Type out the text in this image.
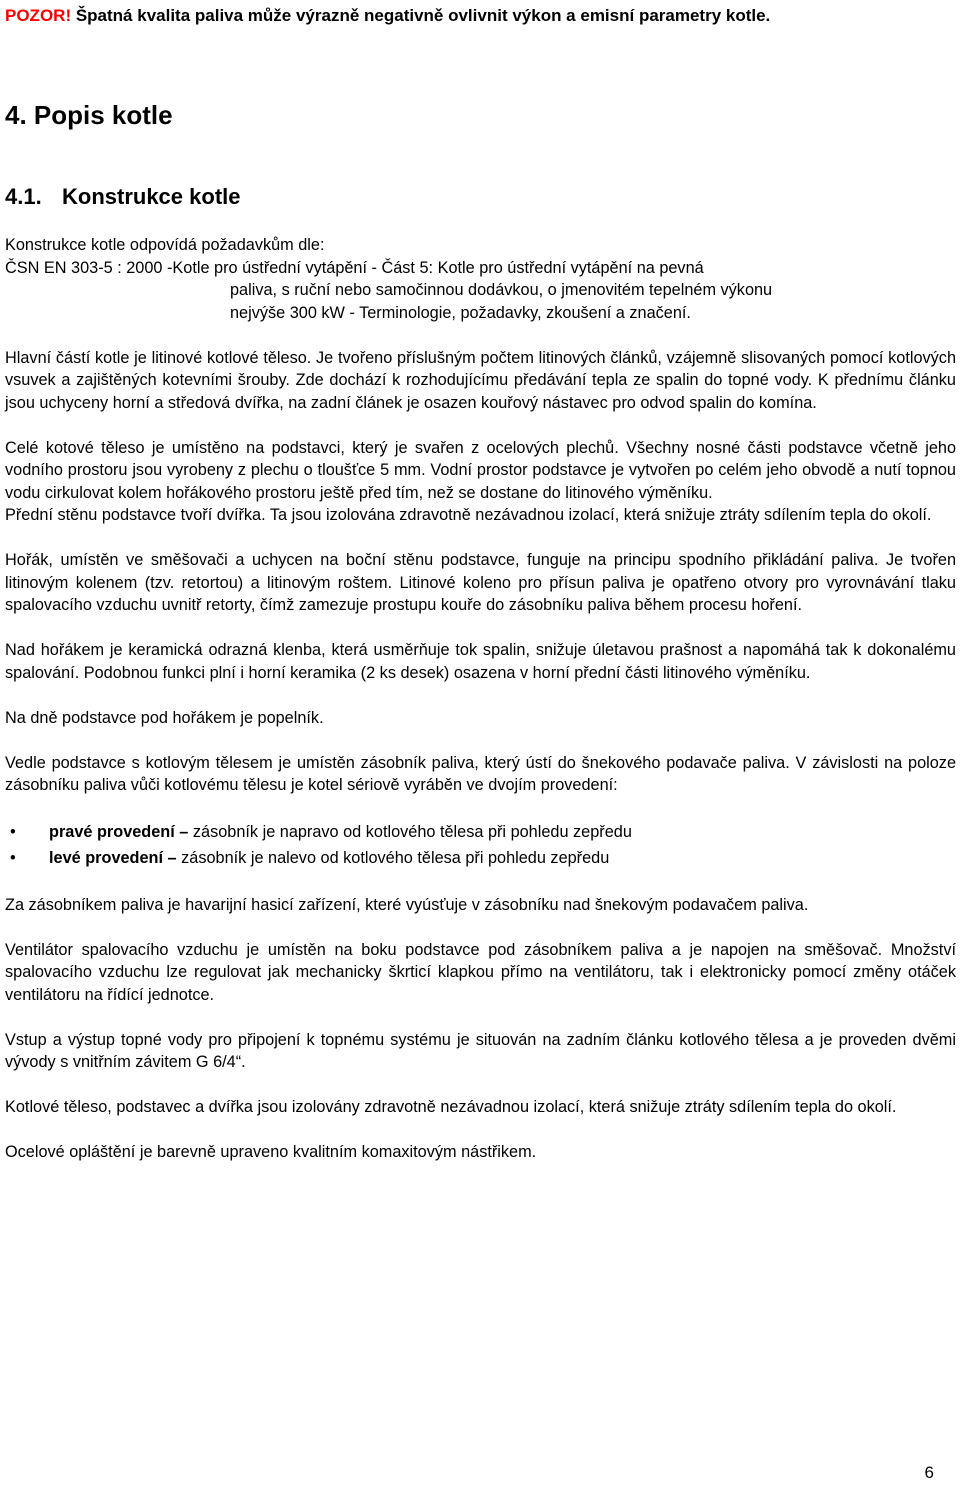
POZOR! Špatná kvalita paliva může výrazně negativně ovlivnit výkon a emisní parametry kotle.
4. Popis kotle
4.1. Konstrukce kotle

Konstrukce kotle odpovídá požadavkům dle:

ČSN EN 303-5 : 2000 - Kotle pro ústřední vytápění - Část 5: Kotle pro ústřední vytápění na pevná
paliva, s ruční nebo samočinnou dodávkou, o jmenovitém tepelném výkonu
nejvýše 300 kW - Terminologie, požadavky, zkoušení a značení.

Hlavní částí kotle je litinové kotlové těleso. Je tvořeno příslušným počtem litinových článků, vzájemně slisovaných pomocí kotlových vsuvek a zajištěných kotevními šrouby. Zde dochází k rozhodujícímu předávání tepla ze spalin do topné vody. K přednímu článku jsou uchyceny horní a středová dvířka, na zadní článek je osazen kouřový nástavec pro odvod spalin do komína.

Celé kotové těleso je umístěno na podstavci, který je svařen z ocelových plechů. Všechny nosné části podstavce včetně jeho vodního prostoru jsou vyrobeny z plechu o tloušťce 5 mm. Vodní prostor podstavce je vytvořen po celém jeho obvodě a nutí topnou vodu cirkulovat kolem hořákového prostoru ještě před tím, než se dostane do litinového výměníku.

Přední stěnu podstavce tvoří dvířka. Ta jsou izolována zdravotně nezávadnou izolací, která snižuje ztráty sdílením tepla do okolí.

Hořák, umístěn ve směšovači a uchycen na boční stěnu podstavce, funguje na principu spodního přikládání paliva. Je tvořen litinovým kolenem (tzv. retortou) a litinovým roštem. Litinové koleno pro přísun paliva je opatřeno otvory pro vyrovnávání tlaku spalovacího vzduchu uvnitř retorty, čímž zamezuje prostupu kouře do zásobníku paliva během procesu hoření.

Nad hořákem je keramická odrazná klenba, která usměrňuje tok spalin, snižuje úletavou prašnost a napomáhá tak k dokonalému spalování. Podobnou funkci plní i horní keramika (2 ks desek) osazena v horní přední části litinového výměníku.

Na dně podstavce pod hořákem je popelník.

Vedle podstavce s kotlovým tělesem je umístěn zásobník paliva, který ústí do šnekového podavače paliva. V závislosti na poloze zásobníku paliva vůči kotlovému tělesu je kotel sériově vyráběn ve dvojím provedení:

• pravé provedení – zásobník je napravo od kotlového tělesa při pohledu zepředu
• levé provedení – zásobník je nalevo od kotlového tělesa při pohledu zepředu

Za zásobníkem paliva je havarijní hasicí zařízení, které vyúsťuje v zásobníku nad šnekovým podavačem paliva.

Ventilátor spalovacího vzduchu je umístěn na boku podstavce pod zásobníkem paliva a je napojen na směšovač. Množství spalovacího vzduchu lze regulovat jak mechanicky škrticí klapkou přímo na ventilátoru, tak i elektronicky pomocí změny otáček ventilátoru na řídící jednotce.

Vstup a výstup topné vody pro připojení k topnému systému je situován na zadním článku kotlového tělesa a je proveden dvěmi vývody s vnitřním závitem G 6/4“.

Kotlové těleso, podstavec a dvířka jsou izolovány zdravotně nezávadnou izolací, která snižuje ztráty sdílením tepla do okolí.

Ocelové opláštění je barevně upraveno kvalitním komaxitovým nástřikem.

6
